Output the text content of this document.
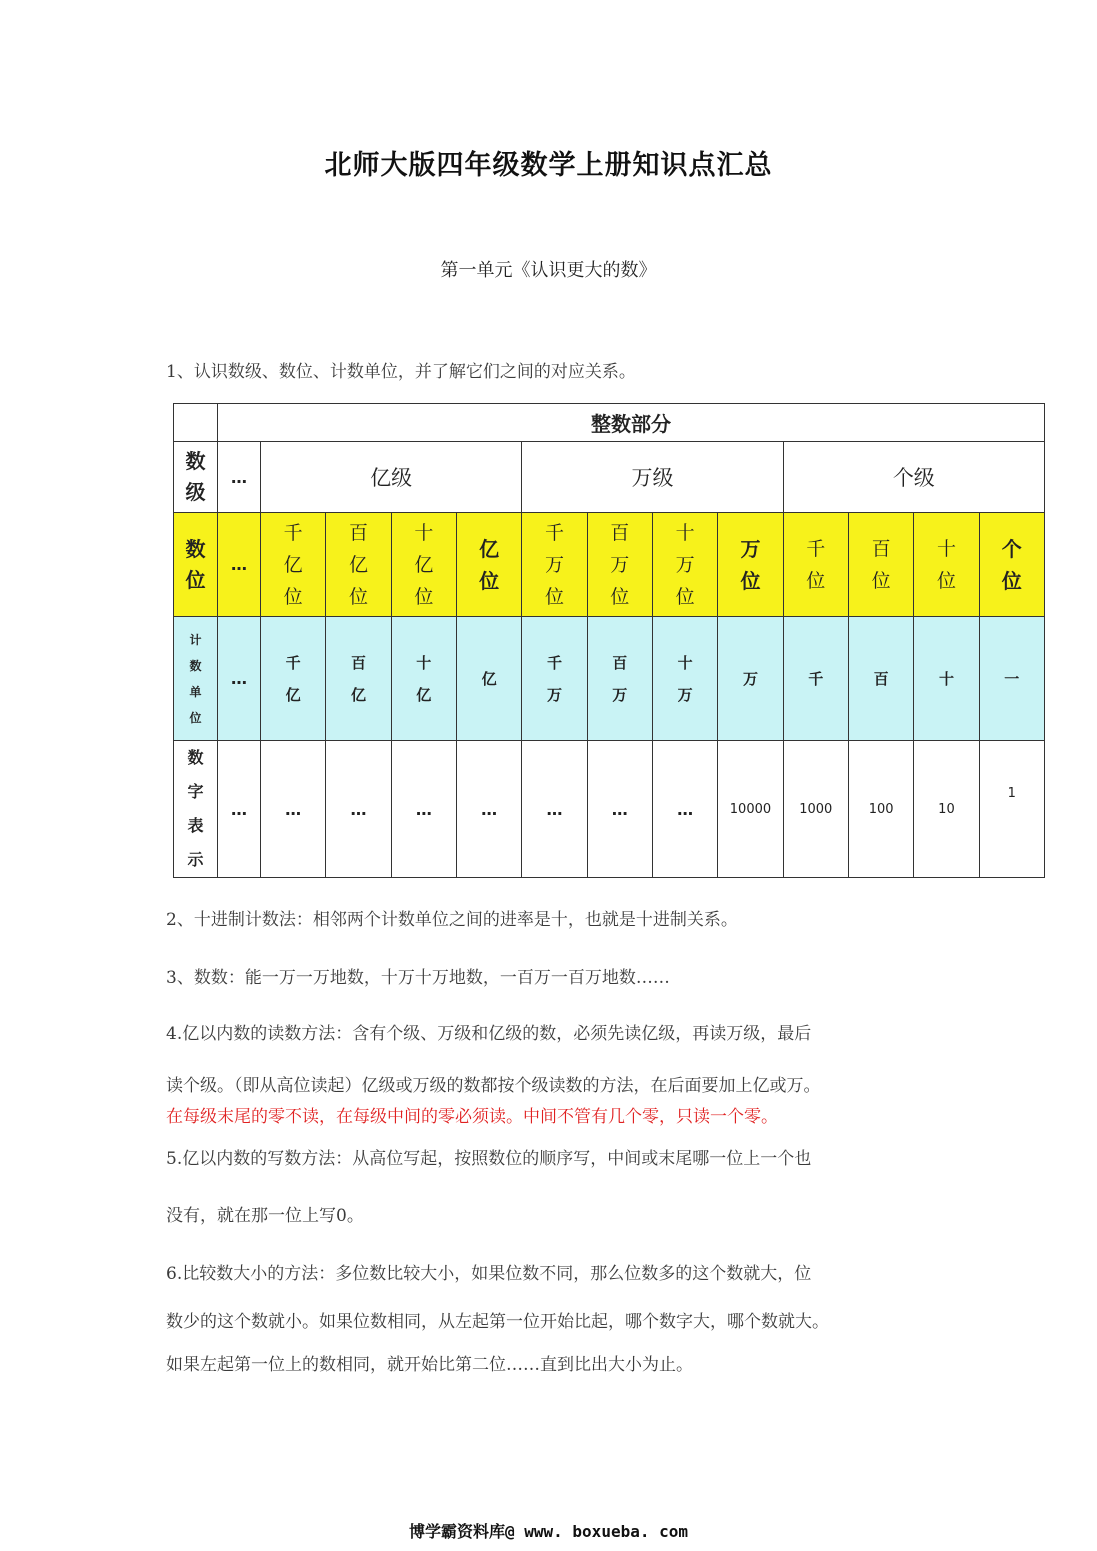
北师大版四年级数学上册知识点汇总
第一单元《认识更大的数》
1、认识数级、数位、计数单位，并了解它们之间的对应关系。
	整数部分												
数级	…	亿级				万级				个级			
数位	…	千亿位	百亿位	十亿位	亿位	千万位	百万位	十万位	万位	千位	百位	十位	个位
计数单位	…	千亿	百亿	十亿	亿	千万	百万	十万	万	千	百	十	一
数字表示	…	…	…	…	…	…	…	…	10000	1000	100	10	1
2、十进制计数法：相邻两个计数单位之间的进率是十，也就是十进制关系。
3、数数：能一万一万地数，十万十万地数，一百万一百万地数……
4.亿以内数的读数方法：含有个级、万级和亿级的数，必须先读亿级，再读万级，最后
读个级。（即从高位读起）亿级或万级的数都按个级读数的方法，在后面要加上亿或万。
在每级末尾的零不读，在每级中间的零必须读。中间不管有几个零，只读一个零。
5.亿以内数的写数方法：从高位写起，按照数位的顺序写，中间或末尾哪一位上一个也
没有，就在那一位上写0。
6.比较数大小的方法：多位数比较大小，如果位数不同，那么位数多的这个数就大，位
数少的这个数就小。如果位数相同，从左起第一位开始比起，哪个数字大，哪个数就大。
如果左起第一位上的数相同，就开始比第二位……直到比出大小为止。
博学霸资料库@ www. boxueba. com
